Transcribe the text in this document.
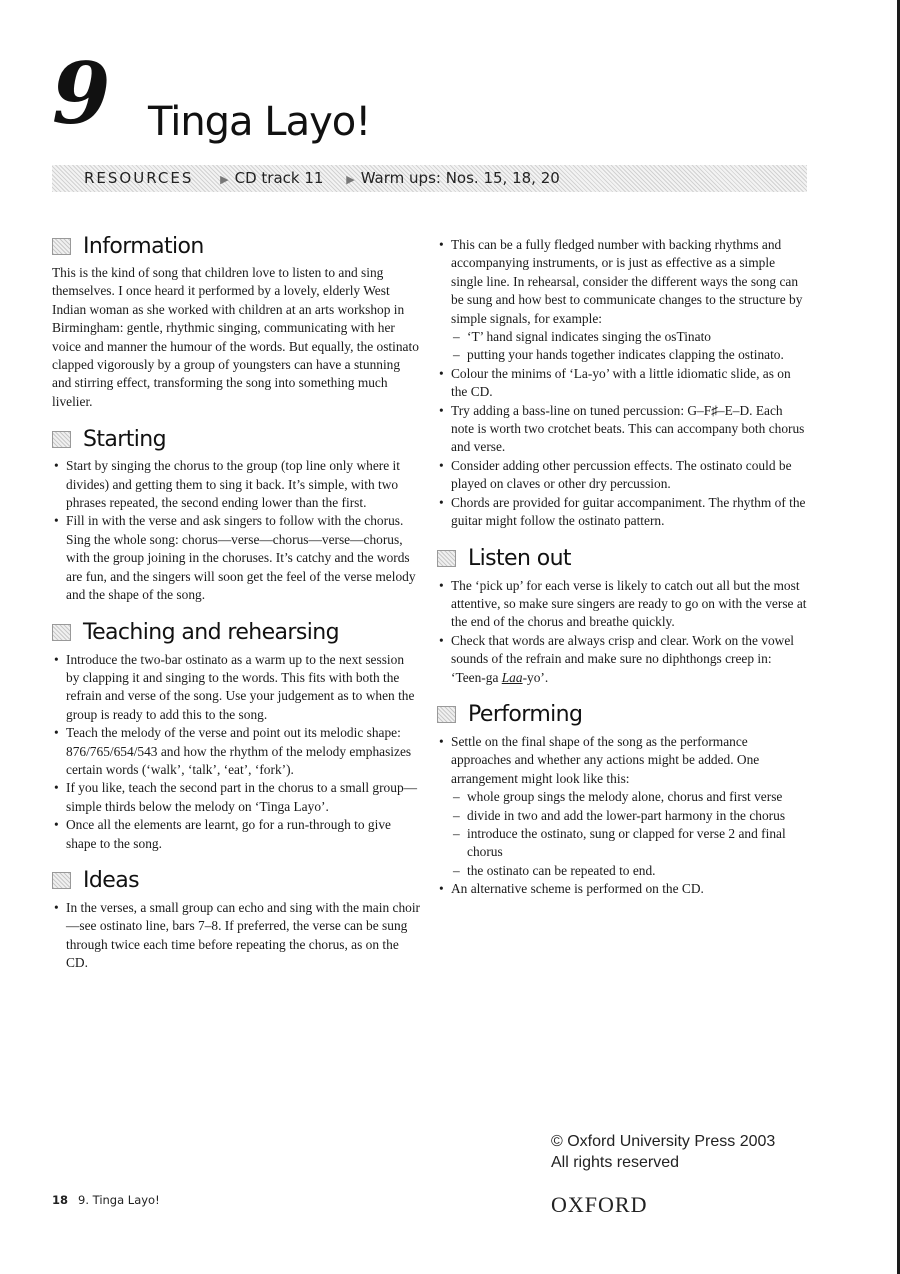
9 Tinga Layo!
RESOURCES ▶ CD track 11 ▶ Warm ups: Nos. 15, 18, 20
Information

This is the kind of song that children love to listen to and sing themselves. I once heard it performed by a lovely, elderly West Indian woman as she worked with children at an arts workshop in Birmingham: gentle, rhythmic singing, communicating with her voice and manner the humour of the words. But equally, the ostinato clapped vigorously by a group of youngsters can have a stunning and stirring effect, transforming the song into something much livelier.

Starting
• Start by singing the chorus to the group (top line only where it divides) and getting them to sing it back. It’s simple, with two phrases repeated, the second ending lower than the first.
• Fill in with the verse and ask singers to follow with the chorus. Sing the whole song: chorus—verse—chorus—verse—chorus, with the group joining in the choruses. It’s catchy and the words are fun, and the singers will soon get the feel of the verse melody and the shape of the song.
Teaching and rehearsing
• Introduce the two-bar ostinato as a warm up to the next session by clapping it and singing to the words. This fits with both the refrain and verse of the song. Use your judgement as to when the group is ready to add this to the song.
• Teach the melody of the verse and point out its melodic shape: 876/765/654/543 and how the rhythm of the melody emphasizes certain words (‘walk’, ‘talk’, ‘eat’, ‘fork’).
• If you like, teach the second part in the chorus to a small group—simple thirds below the melody on ‘Tinga Layo’.
• Once all the elements are learnt, go for a run-through to give shape to the song.
Ideas
• In the verses, a small group can echo and sing with the main choir—see ostinato line, bars 7–8. If preferred, the verse can be sung through twice each time before repeating the chorus, as on the CD.
• This can be a fully fledged number with backing rhythms and accompanying instruments, or is just as effective as a simple single line. In rehearsal, consider the different ways the song can be sung and how best to communicate changes to the structure by simple signals, for example:
– ‘T’ hand signal indicates singing the osTinato
– putting your hands together indicates clapping the ostinato.
• Colour the minims of ‘La-yo’ with a little idiomatic slide, as on the CD.
• Try adding a bass-line on tuned percussion: G–F♯–E–D. Each note is worth two crotchet beats. This can accompany both chorus and verse.
• Consider adding other percussion effects. The ostinato could be played on claves or other dry percussion.
• Chords are provided for guitar accompaniment. The rhythm of the guitar might follow the ostinato pattern.
Listen out
• The ‘pick up’ for each verse is likely to catch out all but the most attentive, so make sure singers are ready to go on with the verse at the end of the chorus and breathe quickly.
• Check that words are always crisp and clear. Work on the vowel sounds of the refrain and make sure no diphthongs creep in: ‘Teen-ga Laa-yo’.
Performing
• Settle on the final shape of the song as the performance approaches and whether any actions might be added. One arrangement might look like this:
– whole group sings the melody alone, chorus and first verse
– divide in two and add the lower-part harmony in the chorus
– introduce the ostinato, sung or clapped for verse 2 and final chorus
– the ostinato can be repeated to end.
• An alternative scheme is performed on the CD.
© Oxford University Press 2003
All rights reserved
18 9. Tinga Layo!	OXFORD
